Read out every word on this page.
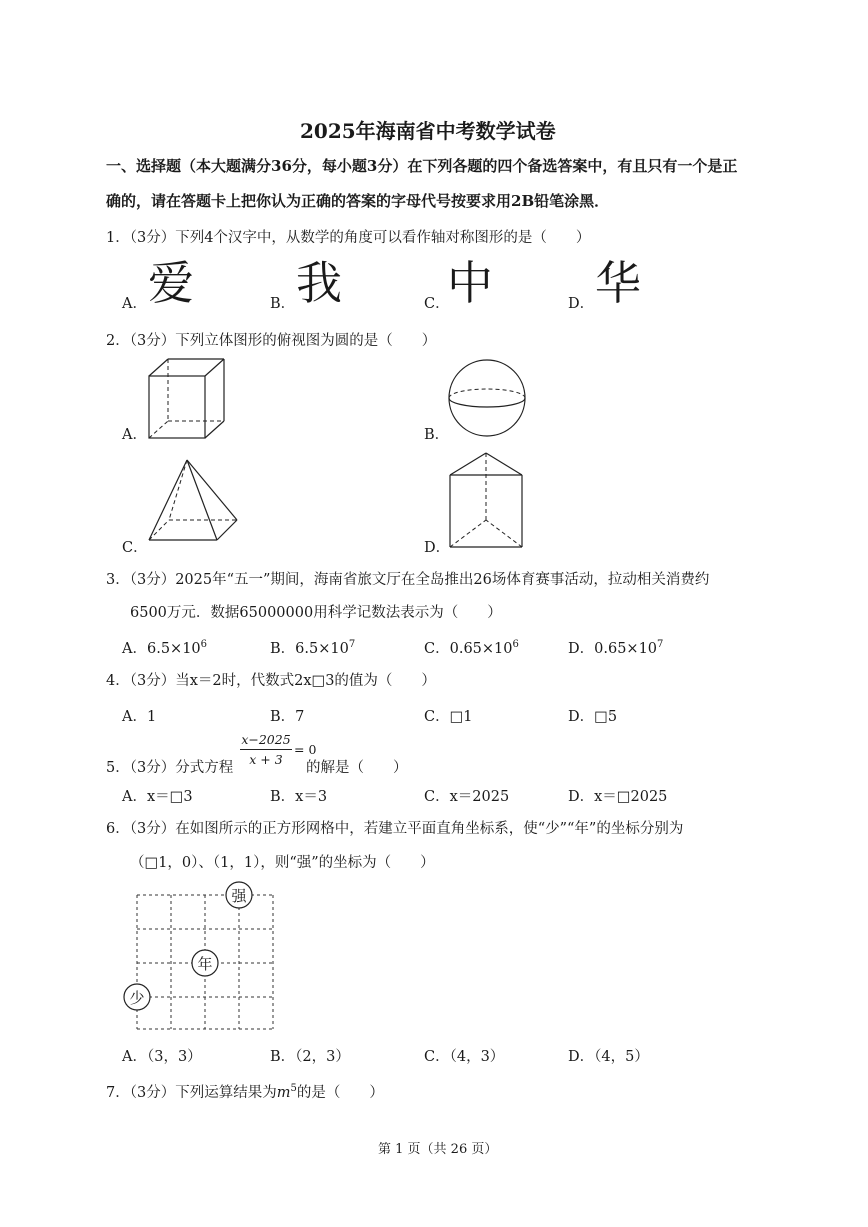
2025年海南省中考数学试卷
一、选择题（本大题满分36分，每小题3分）在下列各题的四个备选答案中，有且只有一个是正
确的，请在答题卡上把你认为正确的答案的字母代号按要求用2B铅笔涂黑．
1．（3分）下列4个汉字中，从数学的角度可以看作轴对称图形的是（　　）
A． 爱	B． 我	C．
中	D． 华
2．（3分）下列立体图形的俯视图为圆的是（　　）
A．	B．
C．	D．
3．（3分）2025年“五一”期间，海南省旅文厅在全岛推出26场体育赛事活动，拉动相关消费约
6500万元．数据65000000用科学记数法表示为（　　）
A．$6.5\times 10^6$	B．$6.5\times 10^7$	C．$0.65\times 10^6$	D．$0.65\times 10^7$
4．（3分）当x＝2时，代数式2x□3的值为（　　）
A．1	B．7	C．□1	D．□5
5．（3分）分式方程
x−2025
x + 3
= 0
的解是（　　）
A．x＝□3	B．x＝3	C．x＝2025	D．x＝□2025
6．（3分）在如图所示的正方形网格中，若建立平面直角坐标系，使“少”“年”的坐标分别为
（□1，0）、（1，1），则“强”的坐标为（　　）
少
年
强
A．（3，3）	B．（2，3）	C．（4，3）	D．（4，5）
7．（3分）下列运算结果为$m^5$的是（　　）
第 1 页（共 26 页）
